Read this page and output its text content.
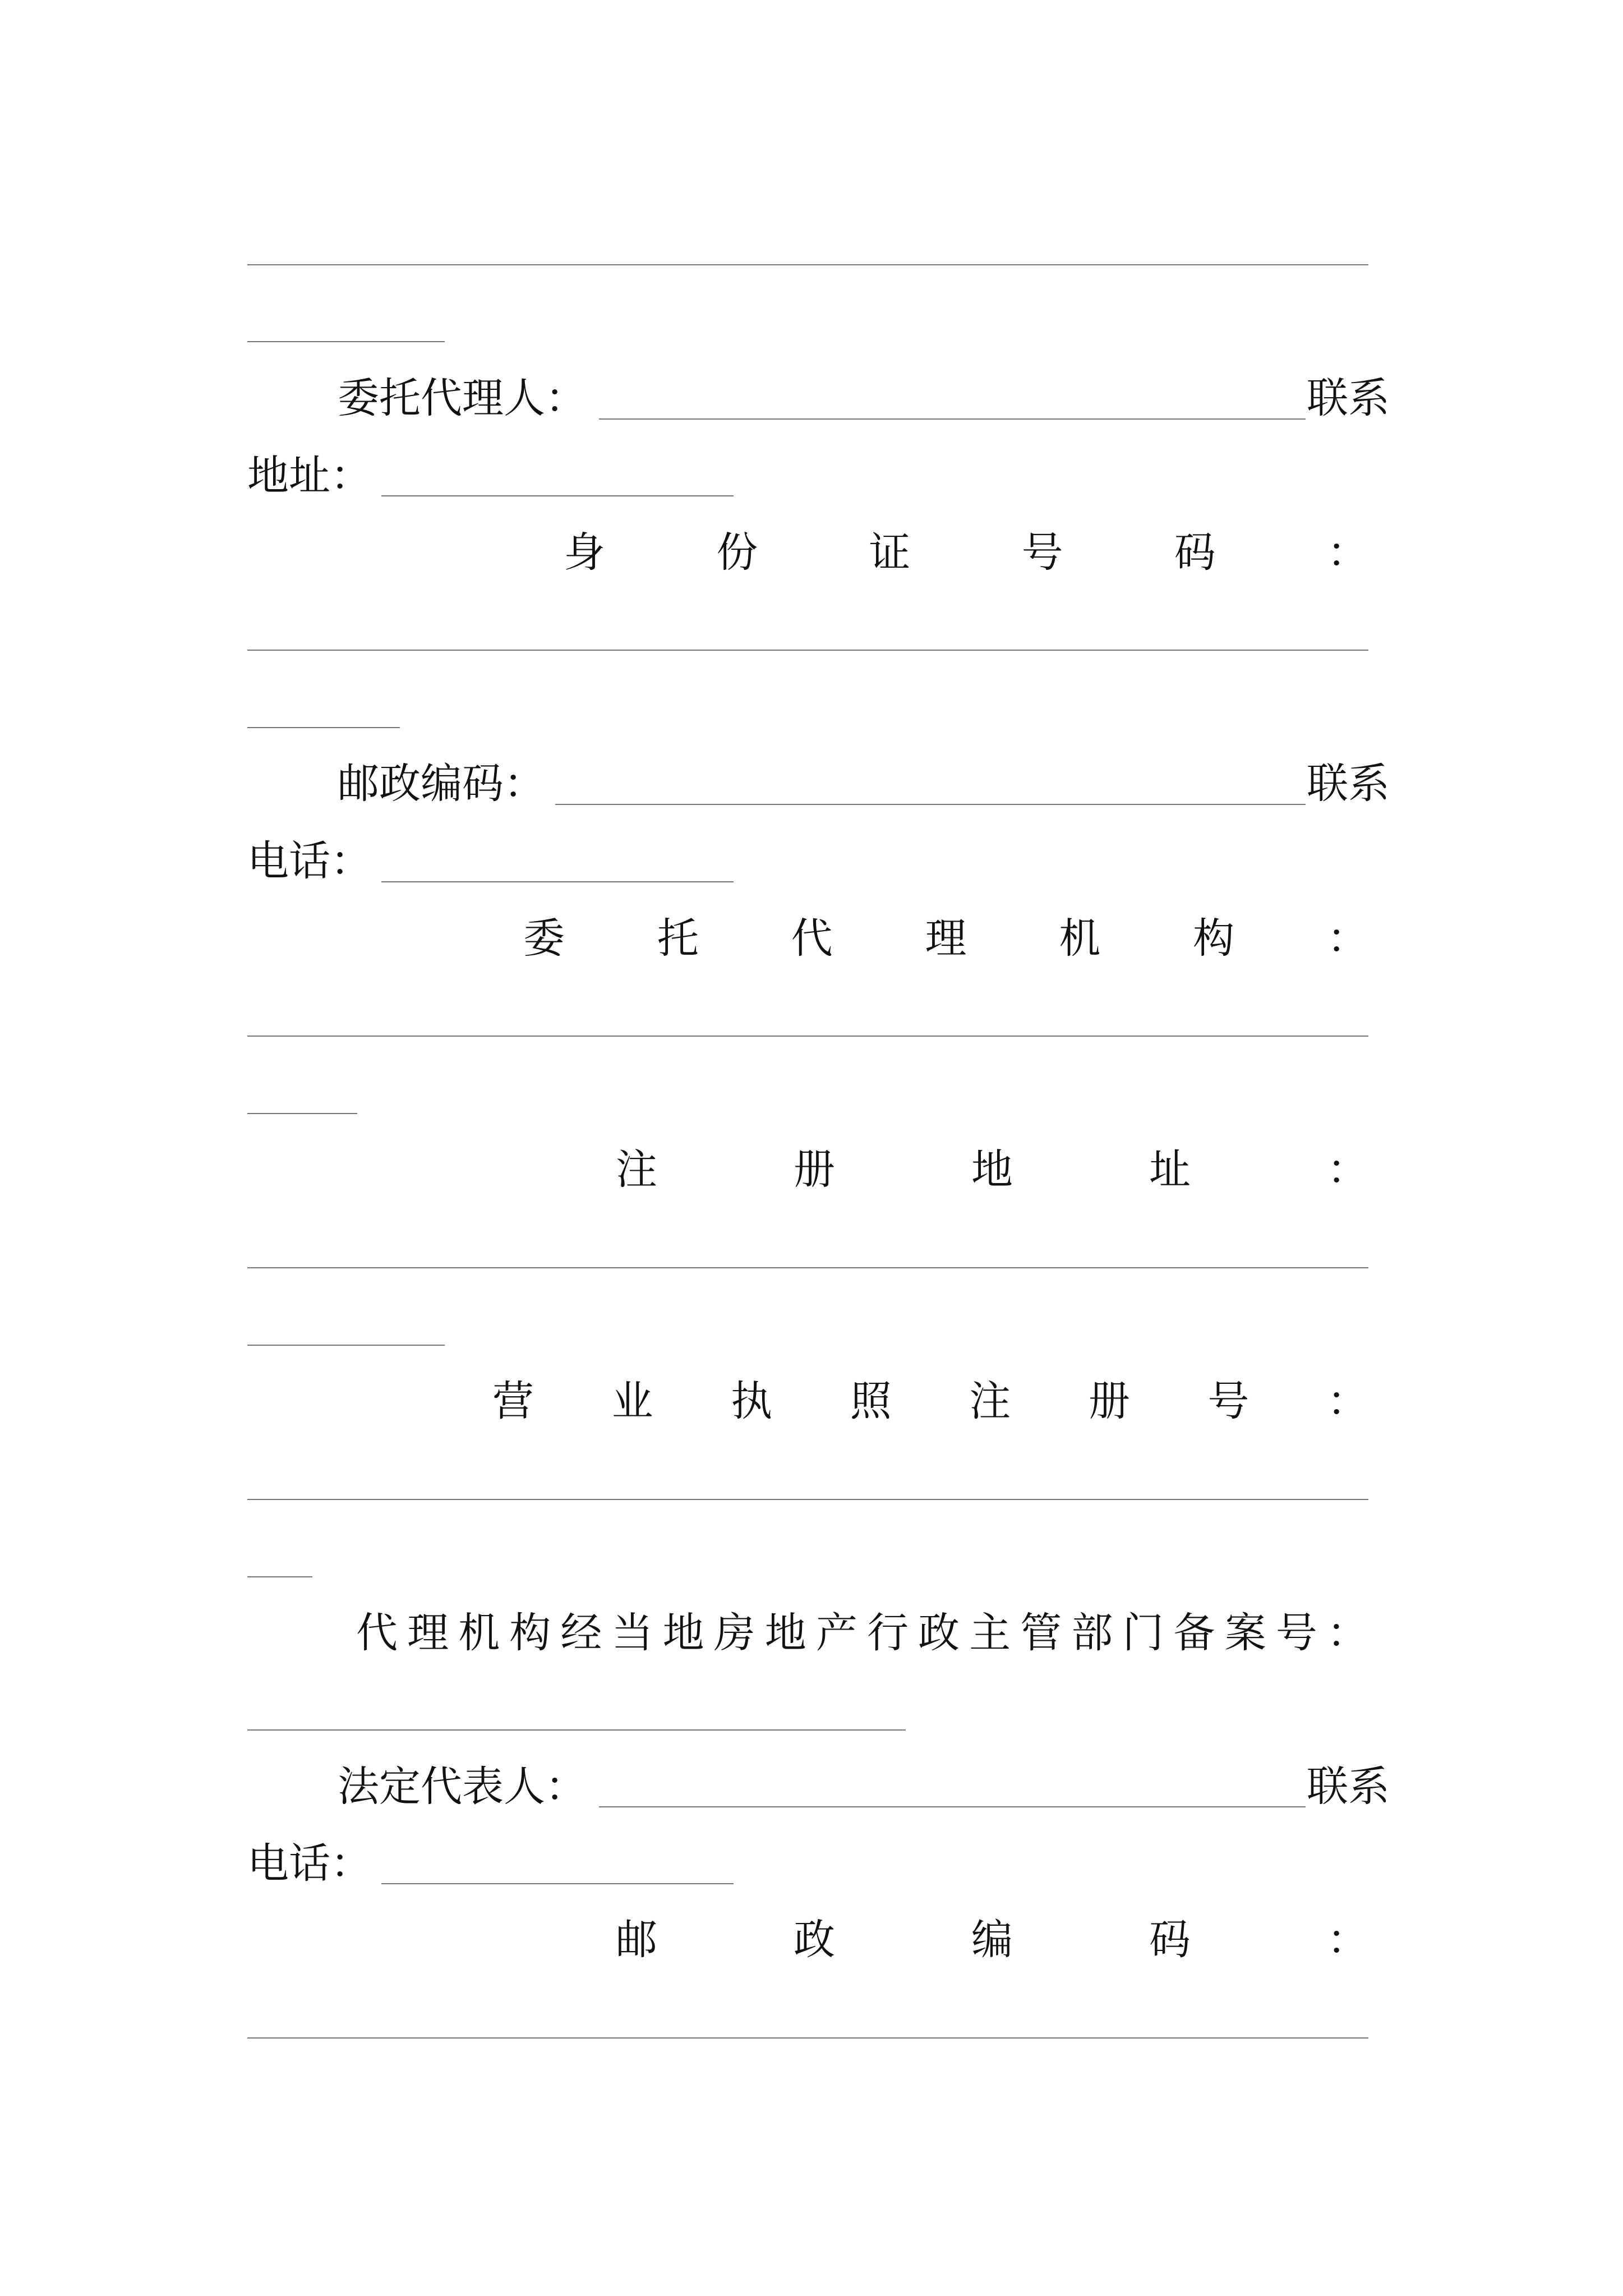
委托代理人：	联系
地址：
身	份	证	号	码	：
邮政编码：	联系
电话：
委 托 代 理 机 构 ：
注	册	地	址	：
营 业 执 照 注 册 号 ：
代 理 机 构 经 当 地 房 地 产 行 政 主 管 部 门 备 案 号 ：
法定代表人：	联系
电话：
邮	政	编	码	：
